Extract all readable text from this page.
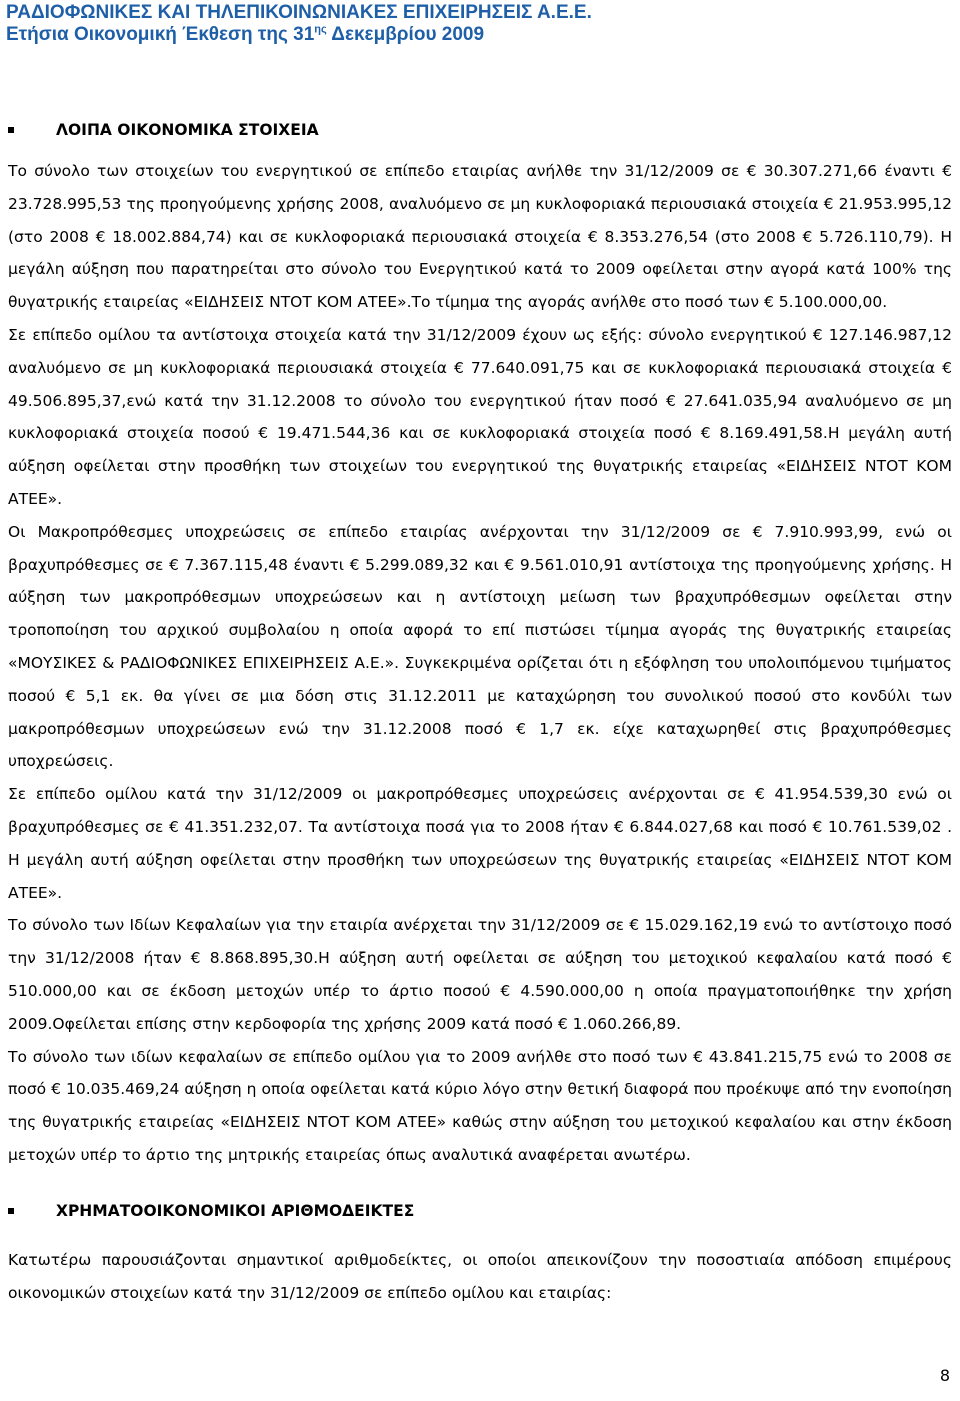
ΡΑΔΙΟΦΩΝΙΚΕΣ ΚΑΙ ΤΗΛΕΠΙΚΟΙΝΩΝΙΑΚΕΣ ΕΠΙΧΕΙΡΗΣΕΙΣ Α.Ε.Ε.
Ετήσια Οικονομική Έκθεση της $31^{\eta\varsigma}$ Δεκεμβρίου 2009
ΛΟΙΠΑ ΟΙΚΟΝΟΜΙΚΑ ΣΤΟΙΧΕΙΑ

Το σύνολο των στοιχείων του ενεργητικού σε επίπεδο εταιρίας ανήλθε την 31/12/2009 σε € 30.307.271,66 έναντι € 23.728.995,53 της προηγούμενης χρήσης 2008, αναλυόμενο σε μη κυκλοφοριακά περιουσιακά στοιχεία € 21.953.995,12 (στο 2008 € 18.002.884,74) και σε κυκλοφοριακά περιουσιακά στοιχεία € 8.353.276,54 (στο 2008 € 5.726.110,79). Η μεγάλη αύξηση που παρατηρείται στο σύνολο του Ενεργητικού κατά το 2009 οφείλεται στην αγορά κατά 100% της θυγατρικής εταιρείας «ΕΙΔΗΣΕΙΣ ΝΤΟΤ ΚΟΜ ΑΤΕΕ».Το τίμημα της αγοράς ανήλθε στο ποσό των € 5.100.000,00.

Σε επίπεδο ομίλου τα αντίστοιχα στοιχεία κατά την 31/12/2009 έχουν ως εξής: σύνολο ενεργητικού € 127.146.987,12 αναλυόμενο σε μη κυκλοφοριακά περιουσιακά στοιχεία € 77.640.091,75 και σε κυκλοφοριακά περιουσιακά στοιχεία € 49.506.895,37,ενώ κατά την 31.12.2008 το σύνολο του ενεργητικού ήταν ποσό € 27.641.035,94 αναλυόμενο σε μη κυκλοφοριακά στοιχεία ποσού € 19.471.544,36 και σε κυκλοφοριακά στοιχεία ποσό € 8.169.491,58.Η μεγάλη αυτή αύξηση οφείλεται στην προσθήκη των στοιχείων του ενεργητικού της θυγατρικής εταιρείας «ΕΙΔΗΣΕΙΣ ΝΤΟΤ ΚΟΜ ΑΤΕΕ».

Οι Μακροπρόθεσμες υποχρεώσεις σε επίπεδο εταιρίας ανέρχονται την 31/12/2009 σε € 7.910.993,99, ενώ οι βραχυπρόθεσμες σε € 7.367.115,48 έναντι € 5.299.089,32 και € 9.561.010,91 αντίστοιχα της προηγούμενης χρήσης. Η αύξηση των μακροπρόθεσμων υποχρεώσεων και η αντίστοιχη μείωση των βραχυπρόθεσμων οφείλεται στην τροποποίηση του αρχικού συμβολαίου η οποία αφορά το επί πιστώσει τίμημα αγοράς της θυγατρικής εταιρείας «ΜΟΥΣΙΚΕΣ & ΡΑΔΙΟΦΩΝΙΚΕΣ ΕΠΙΧΕΙΡΗΣΕΙΣ Α.Ε.». Συγκεκριμένα ορίζεται ότι η εξόφληση του υπολοιπόμενου τιμήματος ποσού € 5,1 εκ. θα γίνει σε μια δόση στις 31.12.2011 με καταχώρηση του συνολικού ποσού στο κονδύλι των μακροπρόθεσμων υποχρεώσεων ενώ την 31.12.2008 ποσό € 1,7 εκ. είχε καταχωρηθεί στις βραχυπρόθεσμες υποχρεώσεις.

Σε επίπεδο ομίλου κατά την 31/12/2009 οι μακροπρόθεσμες υποχρεώσεις ανέρχονται σε € 41.954.539,30 ενώ οι βραχυπρόθεσμες σε € 41.351.232,07. Τα αντίστοιχα ποσά για το 2008 ήταν € 6.844.027,68 και ποσό € 10.761.539,02 . Η μεγάλη αυτή αύξηση οφείλεται στην προσθήκη των υποχρεώσεων της θυγατρικής εταιρείας «ΕΙΔΗΣΕΙΣ ΝΤΟΤ ΚΟΜ ΑΤΕΕ».

Το σύνολο των Ιδίων Κεφαλαίων για την εταιρία ανέρχεται την 31/12/2009 σε € 15.029.162,19 ενώ το αντίστοιχο ποσό την 31/12/2008 ήταν € 8.868.895,30.Η αύξηση αυτή οφείλεται σε αύξηση του μετοχικού κεφαλαίου κατά ποσό € 510.000,00 και σε έκδοση μετοχών υπέρ το άρτιο ποσού € 4.590.000,00 η οποία πραγματοποιήθηκε την χρήση 2009.Οφείλεται επίσης στην κερδοφορία της χρήσης 2009 κατά ποσό € 1.060.266,89.

Το σύνολο των ιδίων κεφαλαίων σε επίπεδο ομίλου για το 2009 ανήλθε στο ποσό των € 43.841.215,75 ενώ το 2008 σε ποσό € 10.035.469,24 αύξηση η οποία οφείλεται κατά κύριο λόγο στην θετική διαφορά που προέκυψε από την ενοποίηση της θυγατρικής εταιρείας «ΕΙΔΗΣΕΙΣ ΝΤΟΤ ΚΟΜ ΑΤΕΕ» καθώς στην αύξηση του μετοχικού κεφαλαίου και στην έκδοση μετοχών υπέρ το άρτιο της μητρικής εταιρείας όπως αναλυτικά αναφέρεται ανωτέρω.

ΧΡΗΜΑΤΟΟΙΚΟΝΟΜΙΚΟΙ ΑΡΙΘΜΟΔΕΙΚΤΕΣ

Κατωτέρω παρουσιάζονται σημαντικοί αριθμοδείκτες, οι οποίοι απεικονίζουν την ποσοστιαία απόδοση επιμέρους οικονομικών στοιχείων κατά την 31/12/2009 σε επίπεδο ομίλου και εταιρίας:

8
